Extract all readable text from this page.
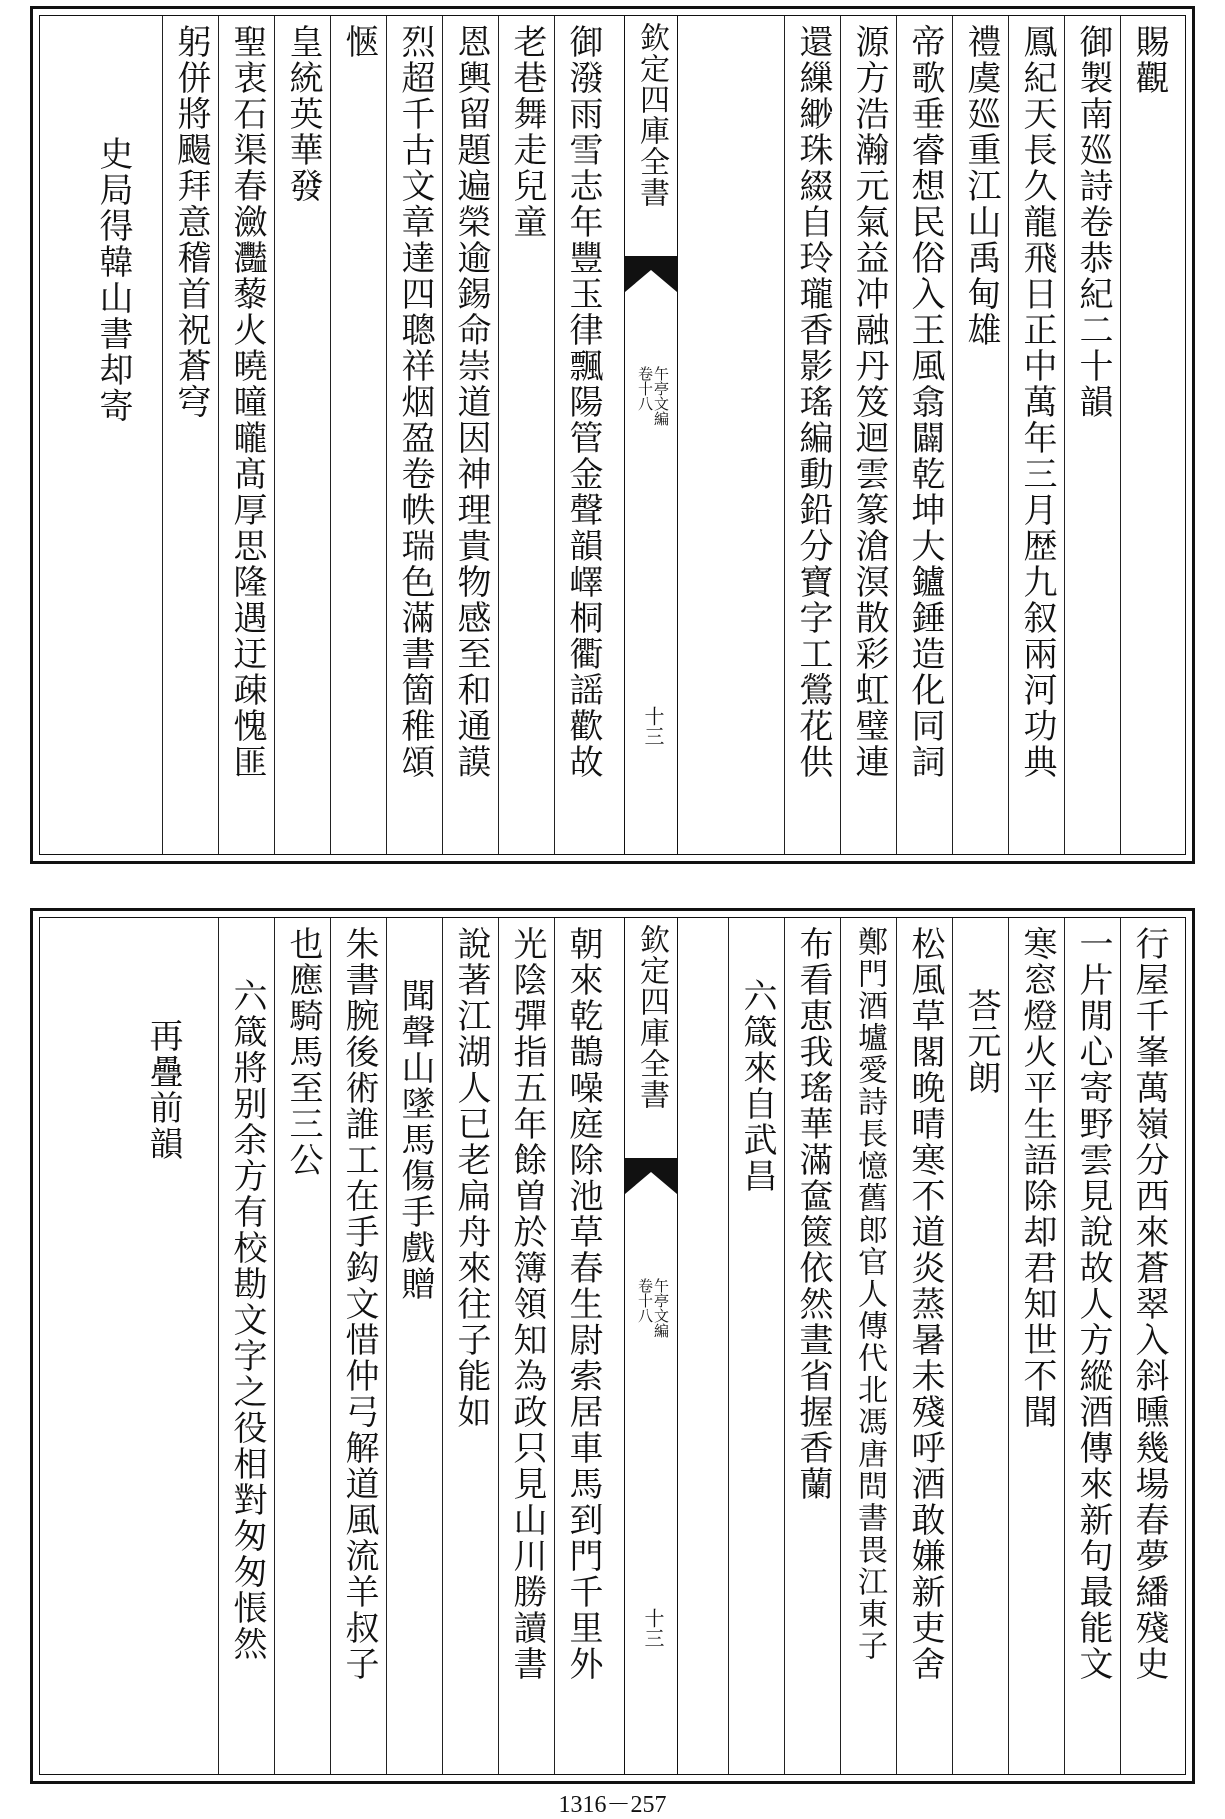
賜觀
御製南廵詩卷恭紀二十韻
鳳紀天長久龍飛日正中萬年三月歴九叙兩河功典
禮虞廵重江山禹甸雄
帝歌垂睿想民俗入王風翕闢乾坤大鑪錘造化同詞
源方浩瀚元氣益冲融丹笈迴雲篆滄溟散彩虹璧連
還繅緲珠綴自玲瓏香影瑤編動鉛分寶字工鶯花供
欽定四庫全書
午亭文編
卷十八
十三
御潑雨雪志年豐玉律飄陽管金聲韻嶧桐衢謡歡故
老巷舞走兒童
恩輿留題遍榮逾錫命崇道因神理貴物感至和通謨
烈超千古文章達四聰祥烟盈卷帙瑞色滿書箇稚頌
愜
皇統英華發
聖衷石渠春瀲灩藜火曉曈曨髙厚思隆遇迂疎愧匪
躬併將颺拜意稽首祝蒼穹
史局得韓山書却寄
行屋千峯萬嶺分西來蒼翠入斜曛幾場春夢繙殘史
一片閒心寄野雲見說故人方縱酒傳來新句最能文
寒窓燈火平生語除却君知世不聞
荅元朗
松風草閣晚晴寒不道炎蒸暑未殘呼酒敢嫌新吏舍
鄭門酒壚愛詩長憶舊郎官人傳代北馮唐問書畏江東子
布看恵我瑤華滿奩篋依然晝省握香蘭
六箴來自武昌
欽定四庫全書
午亭文編
卷十八
十三
朝來乾鵲噪庭除池草春生尉索居車馬到門千里外
光陰彈指五年餘曽於簿領知為政只見山川勝讀書
說著江湖人已老扁舟來往子能如
聞聲山墜馬傷手戲贈
朱書腕後術誰工在手鈎文惜仲弓解道風流羊叔子
也應騎馬至三公
六箴將别余方有校勘文字之役相對匆匆悵然
再疊前韻
1316－257
